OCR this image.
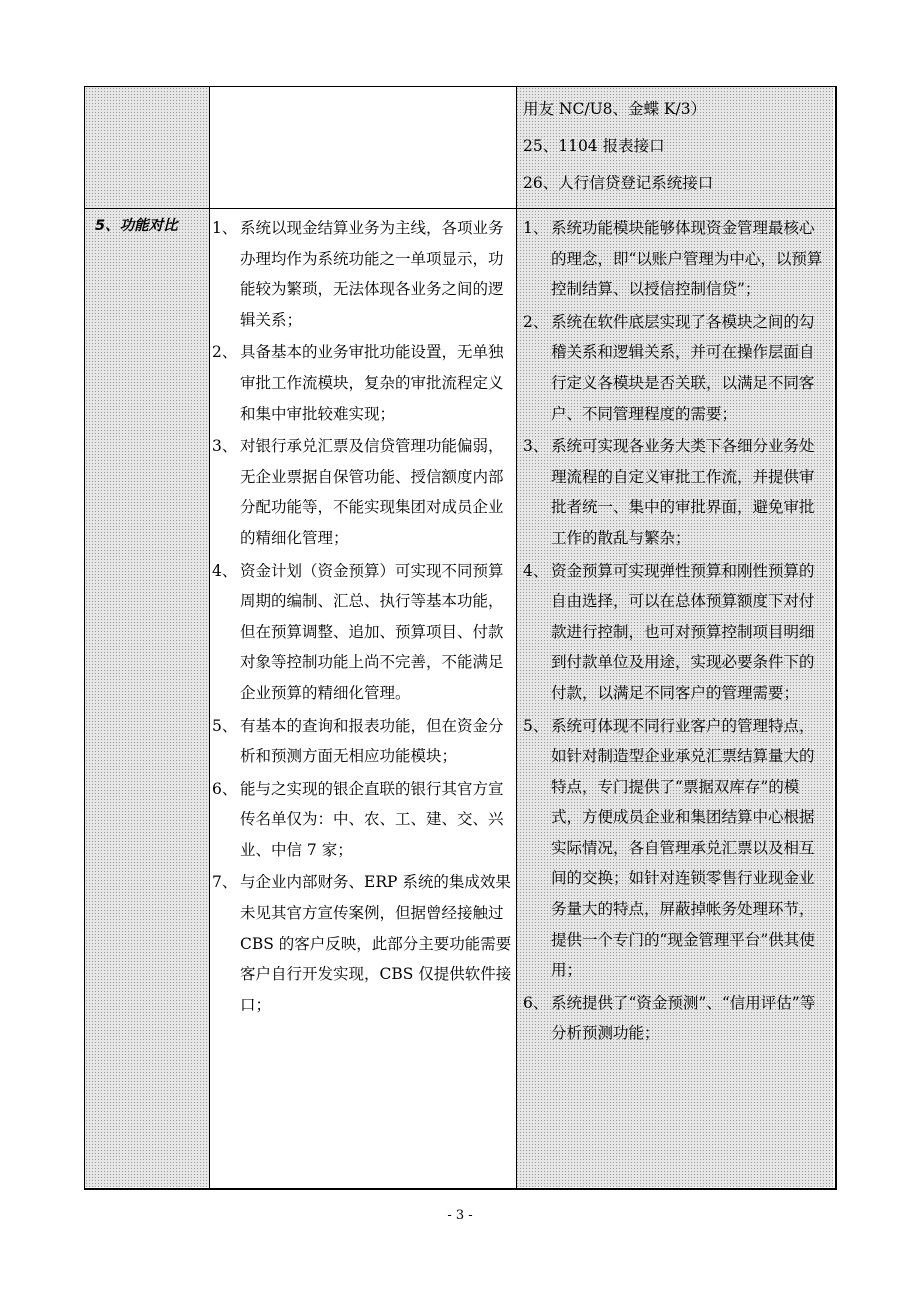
用友 NC/U8、金蝶 K/3）
25、1104 报表接口
26、人行信贷登记系统接口
5、功能对比 1、 系统以现金结算业务为主线，各项业务办理均作为系统功能之一单项显示，功能较为繁琐，无法体现各业务之间的逻辑关系；
2、 具备基本的业务审批功能设置，无单独审批工作流模块，复杂的审批流程定义和集中审批较难实现；
3、 对银行承兑汇票及信贷管理功能偏弱，无企业票据自保管功能、授信额度内部分配功能等，不能实现集团对成员企业的精细化管理；
4、 资金计划（资金预算）可实现不同预算周期的编制、汇总、执行等基本功能，但在预算调整、追加、预算项目、付款对象等控制功能上尚不完善，不能满足企业预算的精细化管理。
5、 有基本的查询和报表功能，但在资金分析和预测方面无相应功能模块；
6、 能与之实现的银企直联的银行其官方宣传名单仅为：中、农、工、建、交、兴业、中信 7 家；
7、 与企业内部财务、ERP 系统的集成效果未见其官方宣传案例，但据曾经接触过 CBS 的客户反映，此部分主要功能需要客户自行开发实现，CBS 仅提供软件接口；
1、 系统功能模块能够体现资金管理最核心的理念，即“以账户管理为中心，以预算控制结算、以授信控制信贷”；
2、 系统在软件底层实现了各模块之间的勾稽关系和逻辑关系，并可在操作层面自行定义各模块是否关联，以满足不同客户、不同管理程度的需要；
3、 系统可实现各业务大类下各细分业务处理流程的自定义审批工作流，并提供审批者统一、集中的审批界面，避免审批工作的散乱与繁杂；
4、 资金预算可实现弹性预算和刚性预算的自由选择，可以在总体预算额度下对付款进行控制，也可对预算控制项目明细到付款单位及用途，实现必要条件下的付款，以满足不同客户的管理需要；
5、 系统可体现不同行业客户的管理特点，如针对制造型企业承兑汇票结算量大的特点，专门提供了“票据双库存”的模式，方便成员企业和集团结算中心根据实际情况，各自管理承兑汇票以及相互间的交换；如针对连锁零售行业现金业务量大的特点，屏蔽掉帐务处理环节，提供一个专门的“现金管理平台”供其使用；
6、 系统提供了“资金预测”、“信用评估”等分析预测功能；
- 3 -
